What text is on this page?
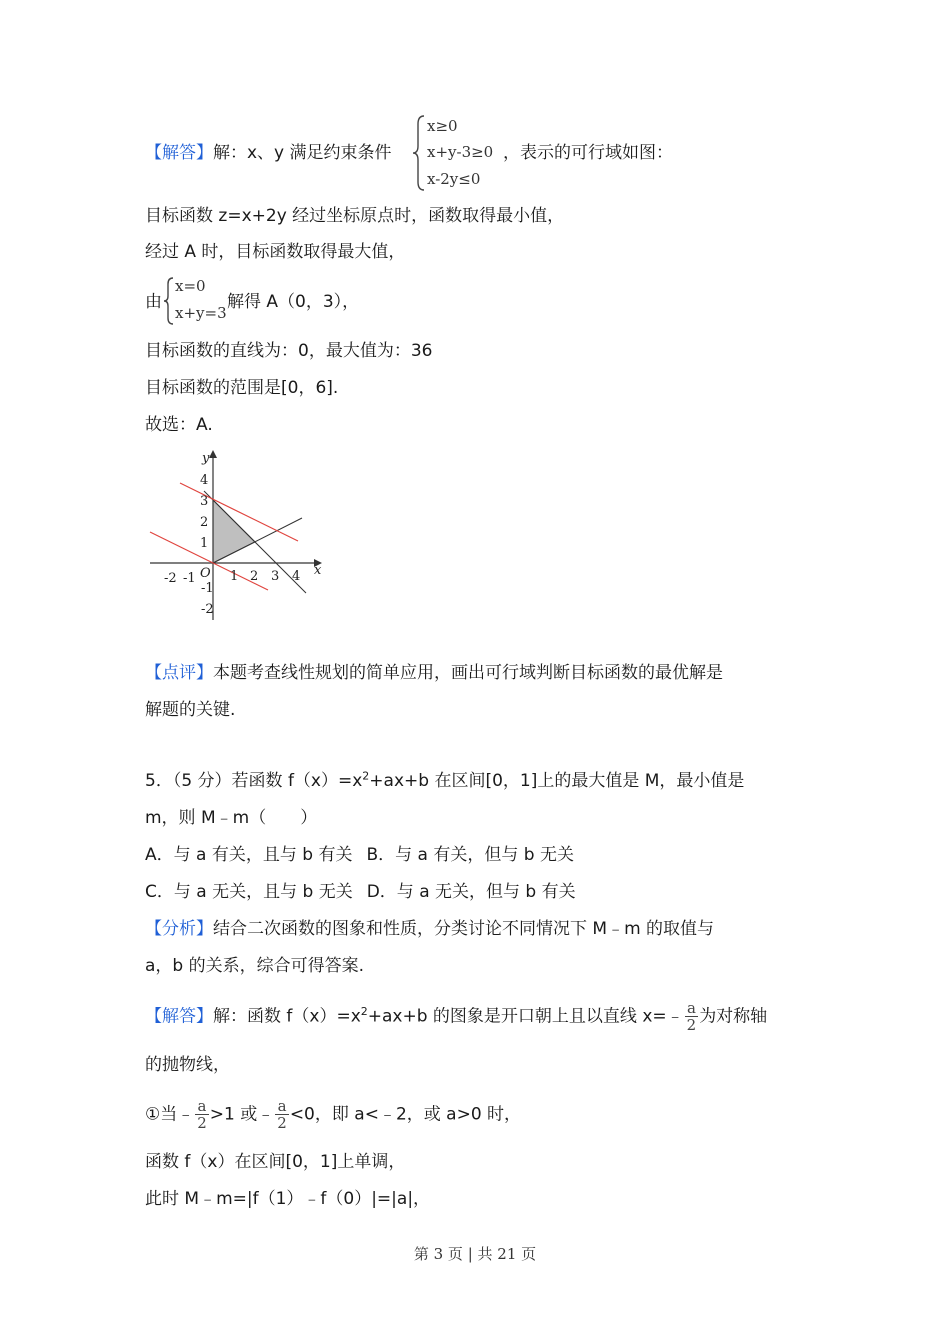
【解答】解：x、y 满足约束条件
x≥0
x+y-3≥0
x-2y≤0
，表示的可行域如图：
目标函数 z=x+2y 经过坐标原点时，函数取得最小值，
经过 A 时，目标函数取得最大值，
由
x=0
x+y=3
解得 A（0，3），
目标函数的直线为：0，最大值为：36
目标函数的范围是[0，6].
故选：A.
x
y
O
-2 -1	1 2 3 4
4
3
2
1
-1
-2
【点评】本题考查线性规划的简单应用，画出可行域判断目标函数的最优解是
解题的关键.
5．（5 分）若函数 $f(x)=x^2+ax+b$ 在区间[0，1]上的最大值是 M，最小值是
m，则 M﹣m（　　）
A．与 a 有关，且与 b 有关 B．与 a 有关，但与 b 无关
C．与 a 无关，且与 b 无关 D．与 a 无关，但与 b 有关
【分析】结合二次函数的图象和性质，分类讨论不同情况下 M﹣m 的取值与
a，b 的关系，综合可得答案.
【解答】解：函数 $f(x)=x^2+ax+b$ 的图象是开口朝上且以直线 x=﹣ $\frac{a}{2}$ 为对称轴
的抛物线，
①当﹣ $\frac{a}{2} >1$ 或﹣ $\frac{a}{2} <0$，即 a<﹣2，或 a>0 时，
函数 f（x）在区间[0，1]上单调，
此时 M﹣m=|f（1）﹣f（0）|=|a|，
第 3 页 | 共 21 页
